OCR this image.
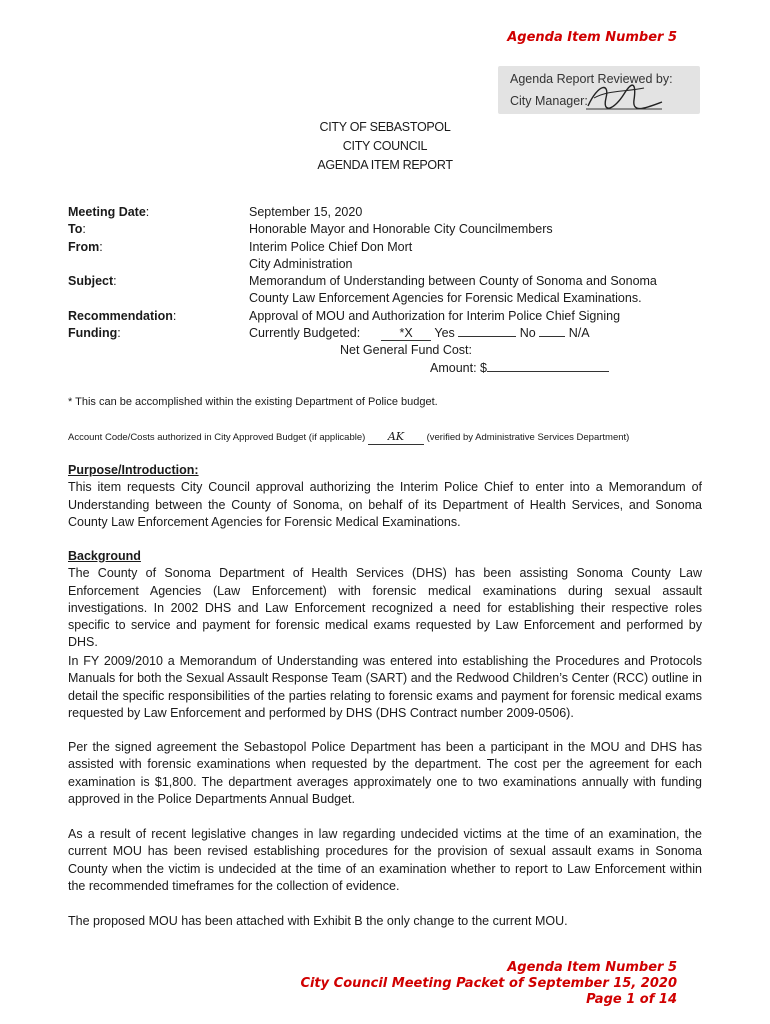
Agenda Item Number 5
Agenda Report Reviewed by:
City Manager:
CITY OF SEBASTOPOL
CITY COUNCIL
AGENDA ITEM REPORT
Meeting Date:	September 15, 2020
To:	Honorable Mayor and Honorable City Councilmembers
From:	Interim Police Chief Don Mort
City Administration
Subject:	Memorandum of Understanding between County of Sonoma and Sonoma
County Law Enforcement Agencies for Forensic Medical Examinations.
Recommendation:	Approval of MOU and Authorization for Interim Police Chief Signing
Funding:	Currently Budgeted:	*X Yes	No	N/A
Net General Fund Cost:
Amount: $
* This can be accomplished within the existing Department of Police budget.
Account Code/Costs authorized in City Approved Budget (if applicable) AK (verified by Administrative Services Department)
Purpose/Introduction:
This item requests City Council approval authorizing the Interim Police Chief to enter into a Memorandum of Understanding between the County of Sonoma, on behalf of its Department of Health Services, and Sonoma County Law Enforcement Agencies for Forensic Medical Examinations.
Background
The County of Sonoma Department of Health Services (DHS) has been assisting Sonoma County Law Enforcement Agencies (Law Enforcement) with forensic medical examinations during sexual assault investigations. In 2002 DHS and Law Enforcement recognized a need for establishing their respective roles specific to service and payment for forensic medical exams requested by Law Enforcement and performed by DHS.
In FY 2009/2010 a Memorandum of Understanding was entered into establishing the Procedures and Protocols Manuals for both the Sexual Assault Response Team (SART) and the Redwood Children’s Center (RCC) outline in detail the specific responsibilities of the parties relating to forensic exams and payment for forensic medical exams requested by Law Enforcement and performed by DHS (DHS Contract number 2009-0506).
Per the signed agreement the Sebastopol Police Department has been a participant in the MOU and DHS has assisted with forensic examinations when requested by the department. The cost per the agreement for each examination is $1,800. The department averages approximately one to two examinations annually with funding approved in the Police Departments Annual Budget.
As a result of recent legislative changes in law regarding undecided victims at the time of an examination, the current MOU has been revised establishing procedures for the provision of sexual assault exams in Sonoma County when the victim is undecided at the time of an examination whether to report to Law Enforcement within the recommended timeframes for the collection of evidence.
The proposed MOU has been attached with Exhibit B the only change to the current MOU.
Agenda Item Number 5
City Council Meeting Packet of September 15, 2020
Page 1 of 14
